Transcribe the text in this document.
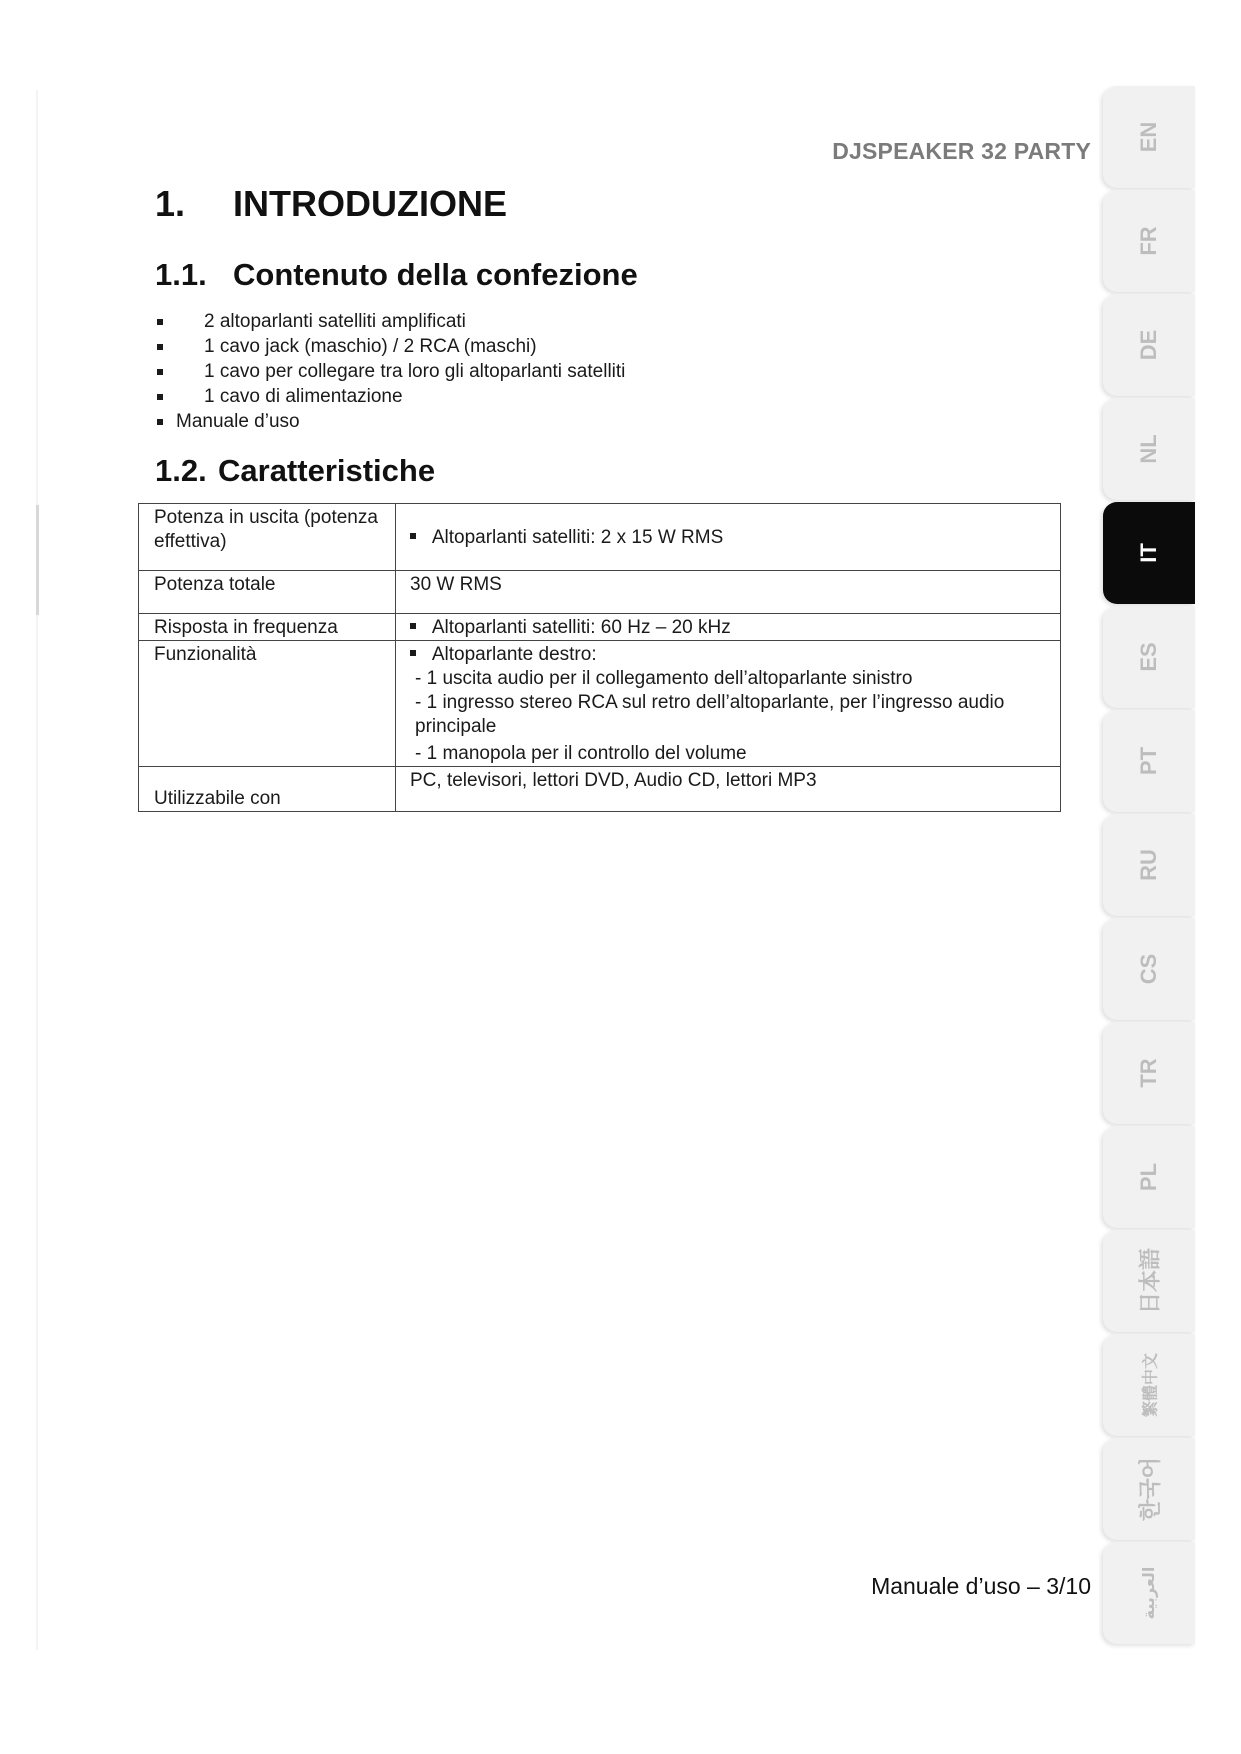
DJSPEAKER 32 PARTY
1. INTRODUZIONE
1.1. Contenuto della confezione
2 altoparlanti satelliti amplificati
1 cavo jack (maschio) / 2 RCA (maschi)
1 cavo per collegare tra loro gli altoparlanti satelliti
1 cavo di alimentazione
Manuale d’uso
1.2. Caratteristiche
Potenza in uscita (potenza effettiva)	Altoparlanti satelliti: 2 x 15 W RMS
Potenza totale	30 W RMS
Risposta in frequenza	Altoparlanti satelliti: 60 Hz – 20 kHz
Funzionalità	Altoparlante destro:
- 1 uscita audio per il collegamento dell’altoparlante sinistro
- 1 ingresso stereo RCA sul retro dell’altoparlante, per l’ingresso audio principale
- 1 manopola per il controllo del volume

Utilizzabile con	PC, televisori, lettori DVD, Audio CD, lettori MP3
Manuale d’uso – 3/10
EN
FR
DE
NL
IT
ES
PT
RU
CS
TR
PL
日本語
繁體中文
한국어
العربية
